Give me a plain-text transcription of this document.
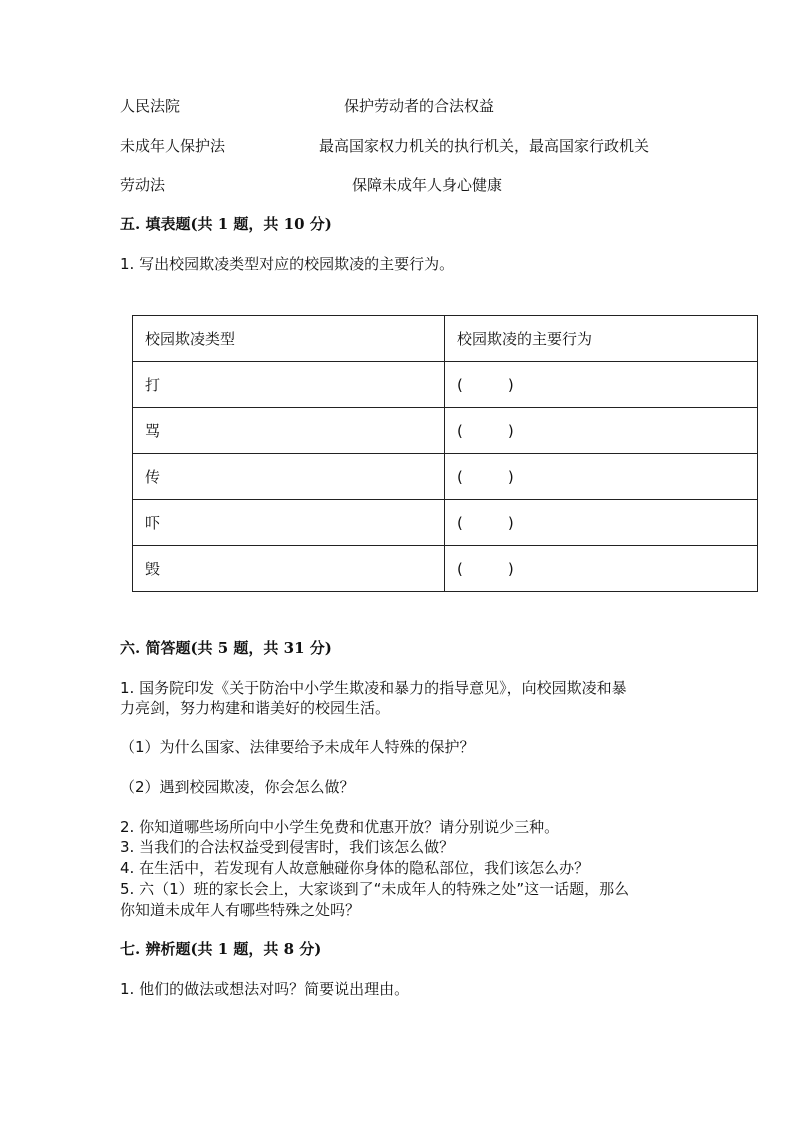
人民法院	保护劳动者的合法权益
未成年人保护法	最高国家权力机关的执行机关，最高国家行政机关
劳动法	保障未成年人身心健康
五. 填表题(共 1 题，共 10 分)
1. 写出校园欺凌类型对应的校园欺凌的主要行为。
校园欺凌类型	校园欺凌的主要行为
打	(　　　)
骂	(　　　)
传	(　　　)
吓	(　　　)
毁	(　　　)
六. 简答题(共 5 题，共 31 分)
1. 国务院印发《关于防治中小学生欺凌和暴力的指导意见》，向校园欺凌和暴
力亮剑，努力构建和谐美好的校园生活。
（1）为什么国家、法律要给予未成年人特殊的保护？
（2）遇到校园欺凌，你会怎么做？
2. 你知道哪些场所向中小学生免费和优惠开放？请分别说少三种。
3. 当我们的合法权益受到侵害时，我们该怎么做？
4. 在生活中，若发现有人故意触碰你身体的隐私部位，我们该怎么办？
5. 六（1）班的家长会上，大家谈到了“未成年人的特殊之处”这一话题，那么
你知道未成年人有哪些特殊之处吗？
七. 辨析题(共 1 题，共 8 分)
1. 他们的做法或想法对吗？简要说出理由。
